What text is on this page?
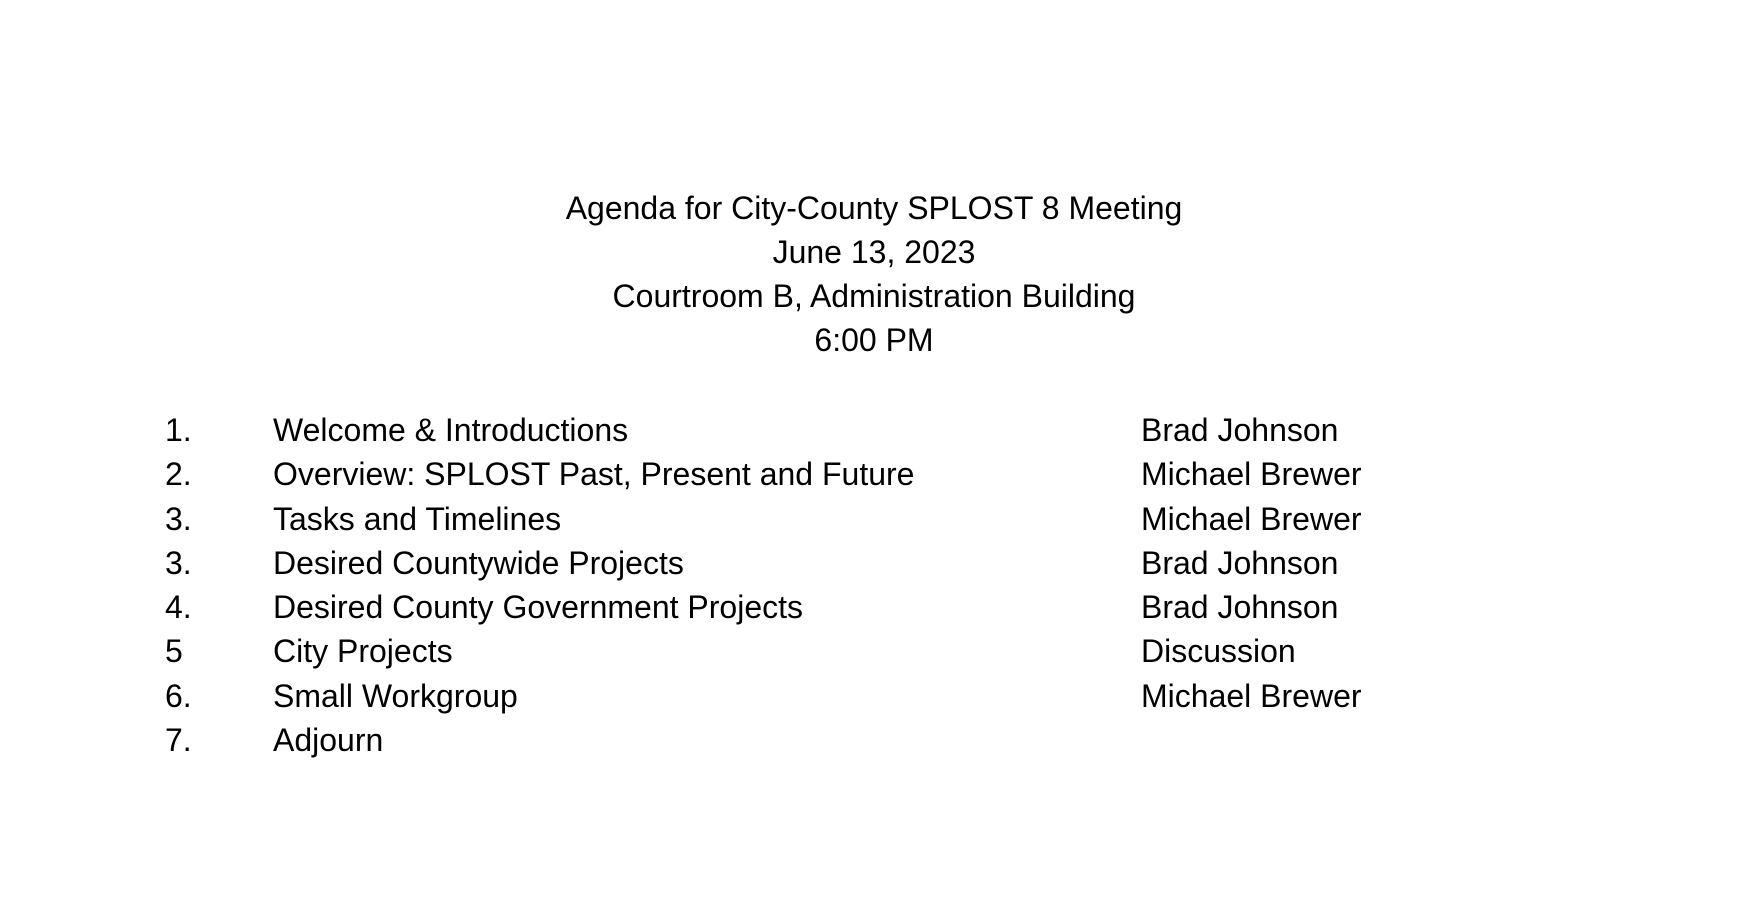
Agenda for City-County SPLOST 8 Meeting
June 13, 2023
Courtroom B, Administration Building
6:00 PM
1.	Welcome & Introductions	Brad Johnson
2.	Overview: SPLOST Past, Present and Future	Michael Brewer
3.	Tasks and Timelines	Michael Brewer
3.	Desired Countywide Projects	Brad Johnson
4.	Desired County Government Projects	Brad Johnson
5	City Projects	Discussion
6.	Small Workgroup	Michael Brewer
7.	Adjourn
